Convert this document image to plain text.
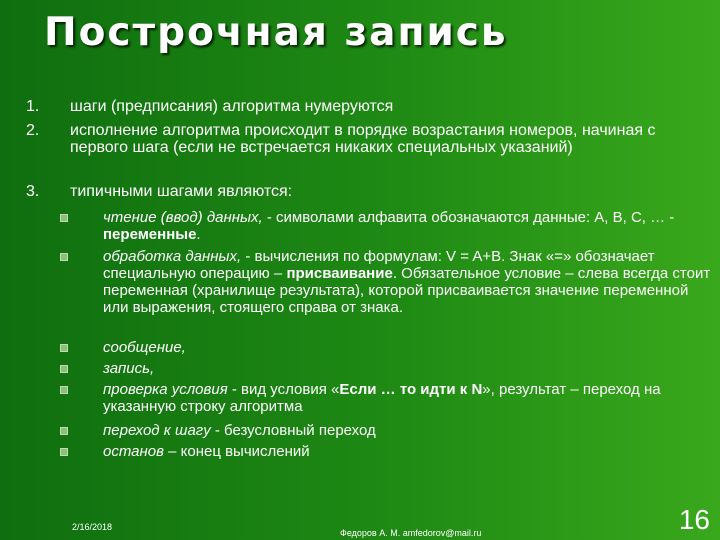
Построчная запись
1. шаги (предписания) алгоритма нумеруются
2. исполнение алгоритма происходит в порядке возрастания номеров, начиная с первого шага (если не встречается никаких специальных указаний)
3. типичными шагами являются:
чтение (ввод) данных, - символами алфавита обозначаются данные: A, B, C, … - переменные.
обработка данных, - вычисления по формулам: V = A+B. Знак «=» обозначает специальную операцию – присваивание. Обязательное условие – слева всегда стоит переменная (хранилище результата), которой присваивается значение переменной или выражения, стоящего справа от знака.
сообщение,
запись,
проверка условия - вид условия «Если … то идти к N», результат – переход на указанную строку алгоритма
переход к шагу - безусловный переход
останов – конец вычислений
2/16/2018
Федоров А. М. amfedorov@mail.ru	16
